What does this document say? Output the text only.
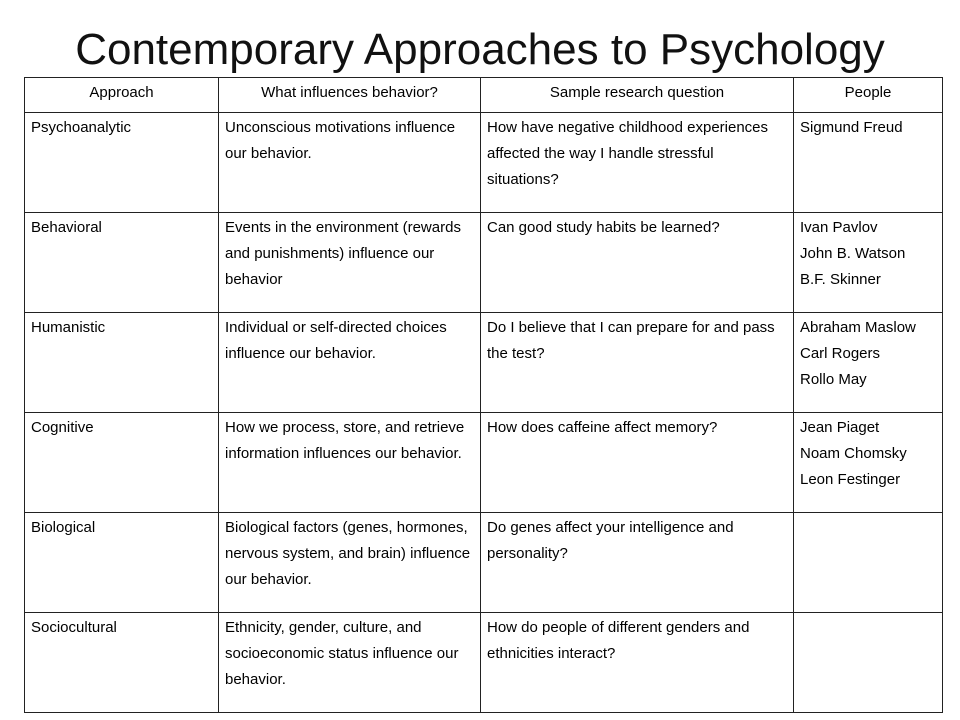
Contemporary Approaches to Psychology
Approach	What influences behavior?	Sample research question	People
Psychoanalytic	Unconscious motivations influence our behavior.	How have negative childhood experiences affected the way I handle stressful situations?	Sigmund Freud

Behavioral	Events in the environment (rewards and punishments) influence our behavior	Can good study habits be learned?	Ivan Pavlov
John B. Watson
B.F. Skinner

Humanistic	Individual or self-directed choices influence our behavior.	Do I believe that I can prepare for and pass the test?	Abraham Maslow
Carl Rogers
Rollo May

Cognitive	How we process, store, and retrieve information influences our behavior.	How does caffeine affect memory?	Jean Piaget
Noam Chomsky
Leon Festinger

Biological	Biological factors (genes, hormones, nervous system, and brain) influence our behavior.	Do genes affect your intelligence and personality?	
Sociocultural	Ethnicity, gender, culture, and socioeconomic status influence our behavior.	How do people of different genders and ethnicities interact?	
